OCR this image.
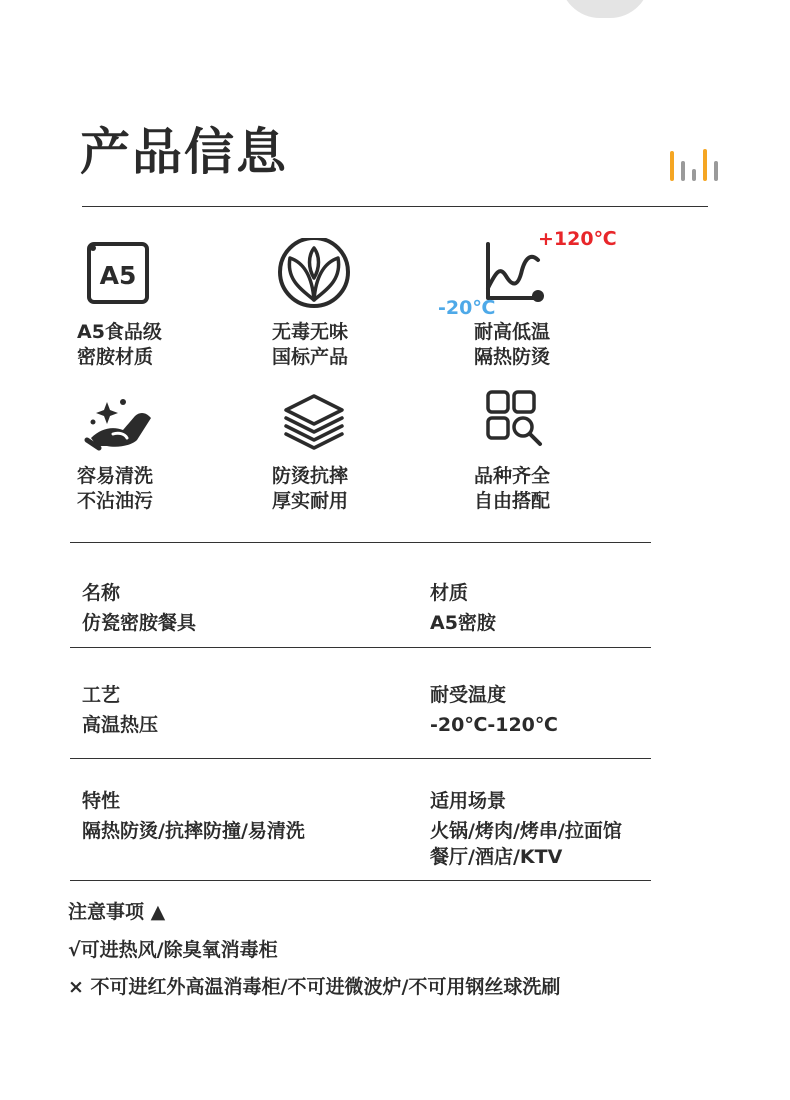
产品信息
A5
A5食品级
密胺材质
无毒无味
国标产品
耐高低温
隔热防烫
+120℃
-20℃
容易清洗
不沾油污
防烫抗摔
厚实耐用
品种齐全
自由搭配
名称
仿瓷密胺餐具
材质
A5密胺
工艺
高温热压
耐受温度
-20℃-120℃
特性
隔热防烫/抗摔防撞/易清洗
适用场景
火锅/烤肉/烤串/拉面馆
餐厅/酒店/KTV
注意事项 ▲
√可进热风/除臭氧消毒柜
× 不可进红外高温消毒柜/不可进微波炉/不可用钢丝球洗刷
